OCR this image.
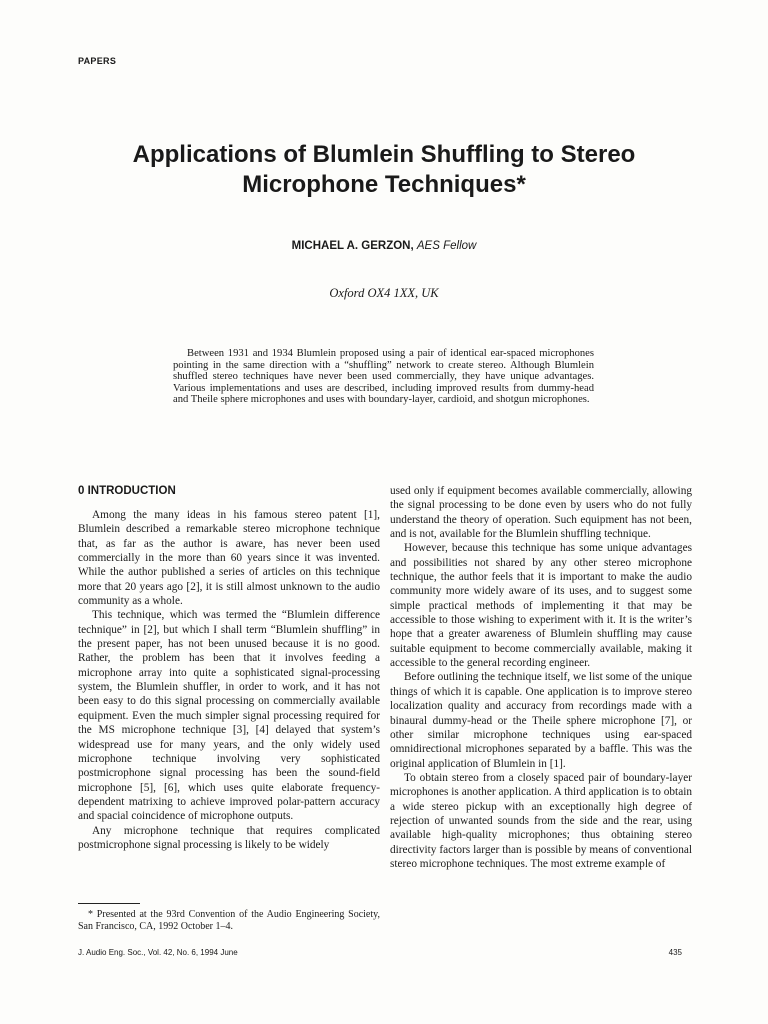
PAPERS
Applications of Blumlein Shuffling to Stereo
Microphone Techniques*
MICHAEL A. GERZON, AES Fellow
Oxford OX4 1XX, UK

Between 1931 and 1934 Blumlein proposed using a pair of identical ear-spaced microphones pointing in the same direction with a “shuffling” network to create stereo. Although Blumlein shuffled stereo techniques have never been used commercially, they have unique advantages. Various implementations and uses are described, including improved results from dummy-head and Theile sphere microphones and uses with boundary-layer, cardioid, and shotgun microphones.

0 INTRODUCTION

Among the many ideas in his famous stereo patent [1], Blumlein described a remarkable stereo microphone technique that, as far as the author is aware, has never been used commercially in the more than 60 years since it was invented. While the author published a series of articles on this technique more that 20 years ago [2], it is still almost unknown to the audio community as a whole.

This technique, which was termed the “Blumlein difference technique” in [2], but which I shall term “Blumlein shuffling” in the present paper, has not been unused because it is no good. Rather, the problem has been that it involves feeding a microphone array into quite a sophisticated signal-processing system, the Blumlein shuffler, in order to work, and it has not been easy to do this signal processing on commercially available equipment. Even the much simpler signal processing required for the MS microphone technique [3], [4] delayed that system’s widespread use for many years, and the only widely used microphone technique involving very sophisticated postmicrophone signal processing has been the sound-field microphone [5], [6], which uses quite elaborate frequency-dependent matrixing to achieve improved polar-pattern accuracy and spacial coincidence of microphone outputs.

Any microphone technique that requires complicated postmicrophone signal processing is likely to be widely

used only if equipment becomes available commercially, allowing the signal processing to be done even by users who do not fully understand the theory of operation. Such equipment has not been, and is not, available for the Blumlein shuffling technique.

However, because this technique has some unique advantages and possibilities not shared by any other stereo microphone technique, the author feels that it is important to make the audio community more widely aware of its uses, and to suggest some simple practical methods of implementing it that may be accessible to those wishing to experiment with it. It is the writer’s hope that a greater awareness of Blumlein shuffling may cause suitable equipment to become commercially available, making it accessible to the general recording engineer.

Before outlining the technique itself, we list some of the unique things of which it is capable. One application is to improve stereo localization quality and accuracy from recordings made with a binaural dummy-head or the Theile sphere microphone [7], or other similar microphone techniques using ear-spaced omnidirectional microphones separated by a baffle. This was the original application of Blumlein in [1].

To obtain stereo from a closely spaced pair of boundary-layer microphones is another application. A third application is to obtain a wide stereo pickup with an exceptionally high degree of rejection of unwanted sounds from the side and the rear, using available high-quality microphones; thus obtaining stereo directivity factors larger than is possible by means of conventional stereo microphone techniques. The most extreme example of

* Presented at the 93rd Convention of the Audio Engineering Society, San Francisco, CA, 1992 October 1–4.

J. Audio Eng. Soc., Vol. 42, No. 6, 1994 June	435
